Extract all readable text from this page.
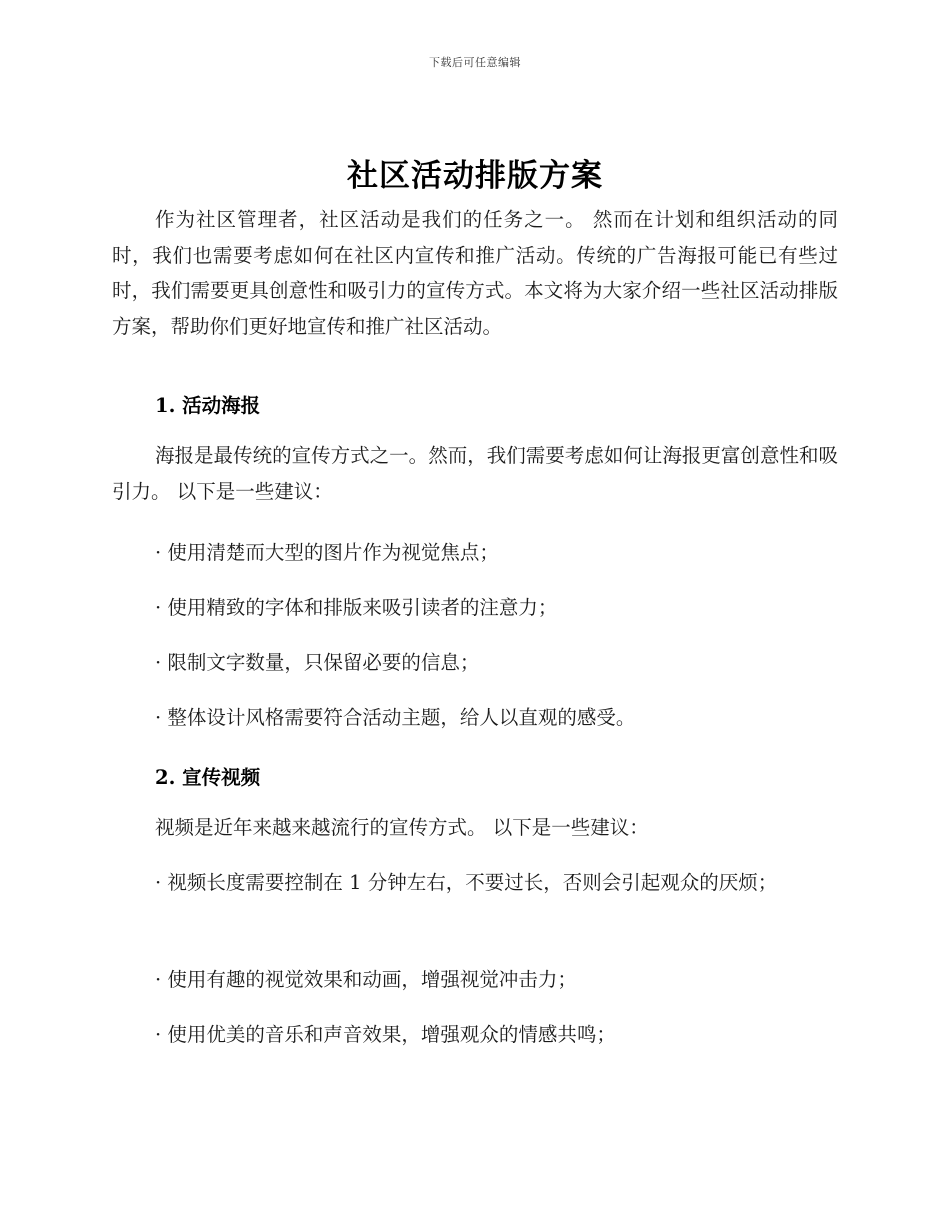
下载后可任意编辑
社区活动排版方案

作为社区管理者，社区活动是我们的任务之一。 然而在计划和组织活动的同时，我们也需要考虑如何在社区内宣传和推广活动。传统的广告海报可能已有些过时，我们需要更具创意性和吸引力的宣传方式。本文将为大家介绍一些社区活动排版方案，帮助你们更好地宣传和推广社区活动。

1. 活动海报

海报是最传统的宣传方式之一。然而，我们需要考虑如何让海报更富创意性和吸引力。 以下是一些建议：

· 使用清楚而大型的图片作为视觉焦点；

· 使用精致的字体和排版来吸引读者的注意力；

· 限制文字数量，只保留必要的信息；

· 整体设计风格需要符合活动主题，给人以直观的感受。

2. 宣传视频

视频是近年来越来越流行的宣传方式。 以下是一些建议：

· 视频长度需要控制在 1 分钟左右，不要过长，否则会引起观众的厌烦；

· 使用有趣的视觉效果和动画，增强视觉冲击力；

· 使用优美的音乐和声音效果，增强观众的情感共鸣；
